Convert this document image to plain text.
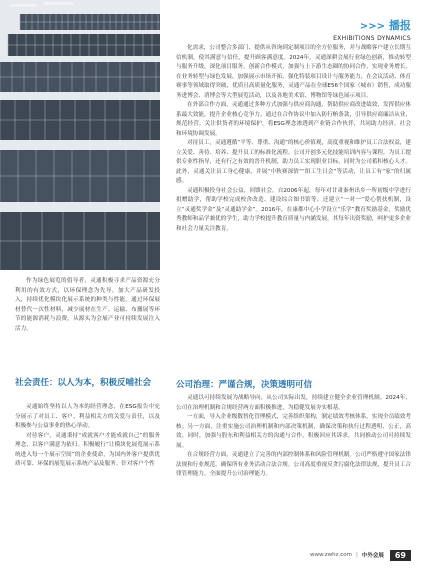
>>> 播报
EXHIBITIONS DYNAMICS

作为绿色展览的倡导者，灵通积极寻求产品资源充分利用的有效方式，以环保理念为先导，加大产品研发投入，持续优化模块化展示系统的种类与性能。通过环保展材替代一次性材料，减少展材在生产、运输、布撤展等环节的能源消耗与浪费，从源头为会展产业可持续发展注入活力。

社会责任：以人为本，积极反哺社会

灵通始终坚持以人为本的经营理念，在ESG报告中充分展示了对员工、客户、利益相关方的关爱与责任，以及积极参与公益事业的热心举动。

对待客户，灵通秉持“成就客户才能成就自己”的服务理念，以客户满意为依归。积极履行“让模块化展览展示系统进入每一个展示空间”的企业使命，为国内外客户提供优质可靠、环保的展览展示系统产品及服务。针对客户个性

化需求，公司整合多部门、提供从咨询到定制项目的全方位服务，并与战略客户建立长期互信机制，使其满意与信任，提升顾客满意度。2024年，灵通深耕会展行业绿色创新，推动转型与服务升级，深化项目服务，创新合作模式，加强与上下游生态圈的协同合作，实现业务增长。在业务转型与绿色发展，加强展示市场开拓，强化特装项目设计与服务能力，在会议活动、体育赛事等领域取得突破，优质且高质量化服务，灵通产品在全球E56个国家（城市）销售，成功服务进博会、消博会等大型展览活动，以及各地美术馆、博物馆等绿色展示项目。

在外部合作方面，灵通通过多种方式加强与供应商沟通，帮助供应商改进绩效，发挥供应体系最大效能，提升企业核心竞争力。通过在合作协议中加入防行贿条款，引导供应商廉洁从业，规范经营。关注供货者的环境保护，将ESG理念渗透到产业链合作伙伴，共同助力经济、社会和环境协调发展。

对待员工，灵通遵循“平等、尊重、沟通”的核心价值观，高度重视和维护员工合法权益，建立关爱、善待、培养、提升员工的标准化流程。公司开创多元化技能培训内容与课程，为员工提供专业性指导，还有行之有效的晋升机制，助力员工实现职业目标，同时为公司蓄积核心人才。此外，灵通关注员工身心健康，并展“中秋赛深情”“组工生日会”等活动，让员工有“家”的归属感。

灵通积极投身社会公益，回馈社会。自2006年起，每年对甘肃秦州出乡一所初级中学进行捐赠助学，帮助学校完成校舍改造、建设综合图书馆等。还建立“一对一”爱心帮扶机制，设立“灵通奖学金”及“灵通助学金”。2016年，在康都中心小学设立“乐学”教育奖励基金，奖励优秀教师和品学兼优的学生，助力学校提升教育质量与内涵发展。其每年出资奖励，呵护更多企业和社会力量关注教育。

公司治理：严谨合规，决策透明可信

灵通以可持续发展为战略导向，从公司实际出发，持续建立健全企业管理机制。2024年，公司在治理机制和合规经营两方面积极推进，为稳健发展夯实根基。

一方面，导入企业级数智化管理模式，完善组织架构，制定绩效考核体系，实现全员绩效考核；另一方面，注重实施公司治理机制和内部决策机制，确保决策和执行过程透明、公正，高效。同时，加强与股东和利益相关方的沟通与合作，积极回应其诉求，共同推动公司可持续发展。

在合规经营方面，灵通建立了完善的内部控制体系和风险管理机制。公司严格遵守国家法律法规和行业规范，确保所有业务活动合法合规。公司高度重视反贪污腐化法律法规，提升员工合律管理能力，全面提升公司治理能力。

www.zwhz.com | 中外会展	69
